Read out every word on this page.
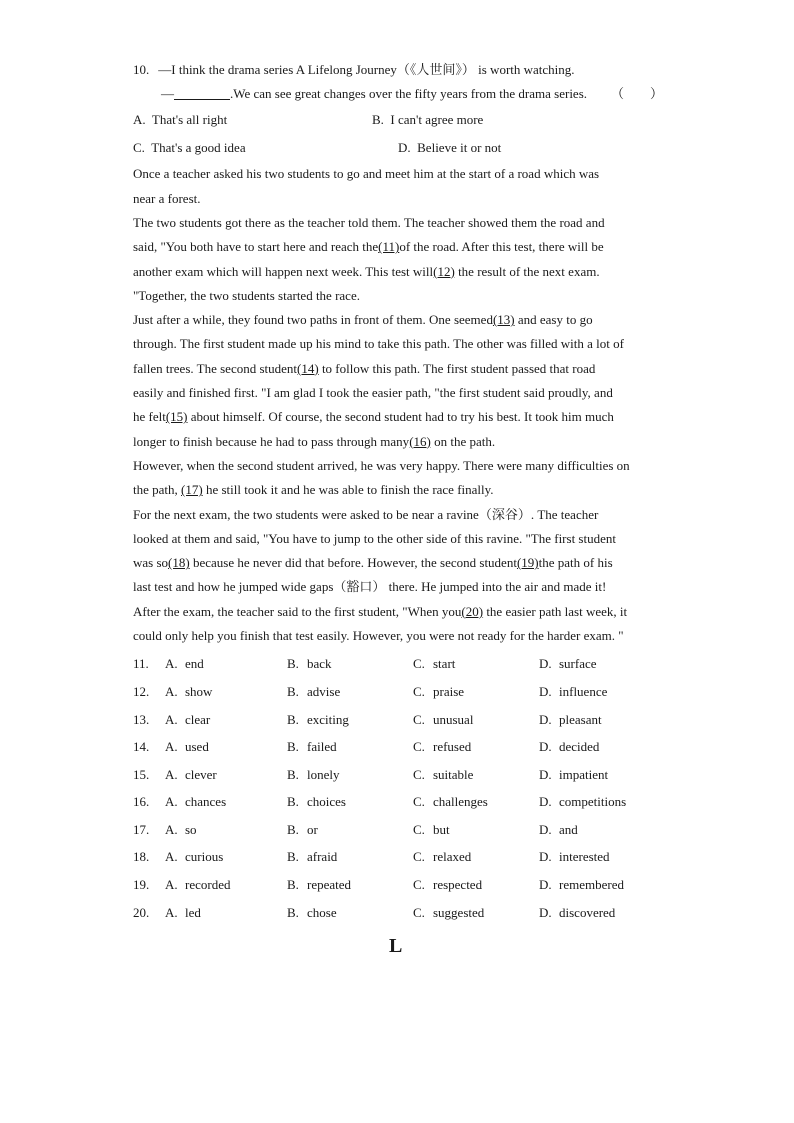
10. —I think the drama series A Lifelong Journey（《人世间》） is worth watching.
—	.We can see great changes over the fifty years from the drama series. （　　）
A. That's all right	B. I can't agree more
C. That's a good idea	D. Believe it or not
Once a teacher asked his two students to go and meet him at the start of a road which was
near a forest.
The two students got there as the teacher told them. The teacher showed them the road and
said, "You both have to start here and reach the(11)of the road. After this test, there will be
another exam which will happen next week. This test will(12) the result of the next exam.
"Together, the two students started the race.
Just after a while, they found two paths in front of them. One seemed(13) and easy to go
through. The first student made up his mind to take this path. The other was filled with a lot of
fallen trees. The second student(14) to follow this path. The first student passed that road
easily and finished first. "I am glad I took the easier path, "the first student said proudly, and
he felt(15) about himself. Of course, the second student had to try his best. It took him much
longer to finish because he had to pass through many(16) on the path.
However, when the second student arrived, he was very happy. There were many difficulties on
the path, (17) he still took it and he was able to finish the race finally.
For the next exam, the two students were asked to be near a ravine（深谷）. The teacher
looked at them and said, "You have to jump to the other side of this ravine. "The first student
was so(18) because he never did that before. However, the second student(19)the path of his
last test and how he jumped wide gaps（豁口） there. He jumped into the air and made it!
After the exam, the teacher said to the first student, "When you(20) the easier path last week, it
could only help you finish that test easily. However, you were not ready for the harder exam. "
11.	A. end	B. back	C. start	D. surface
12.	A. show	B. advise	C. praise	D. influence
13.	A. clear	B. exciting	C. unusual	D. pleasant
14.	A. used	B. failed	C. refused	D. decided
15.	A. clever	B. lonely	C. suitable	D. impatient
16.	A. chances	B. choices	C. challenges	D. competitions
17.	A. so	B. or	C. but	D. and
18.	A. curious	B. afraid	C. relaxed	D. interested
19.	A. recorded	B. repeated	C. respected	D. remembered
20.	A. led	B. chose	C. suggested	D. discovered
L
